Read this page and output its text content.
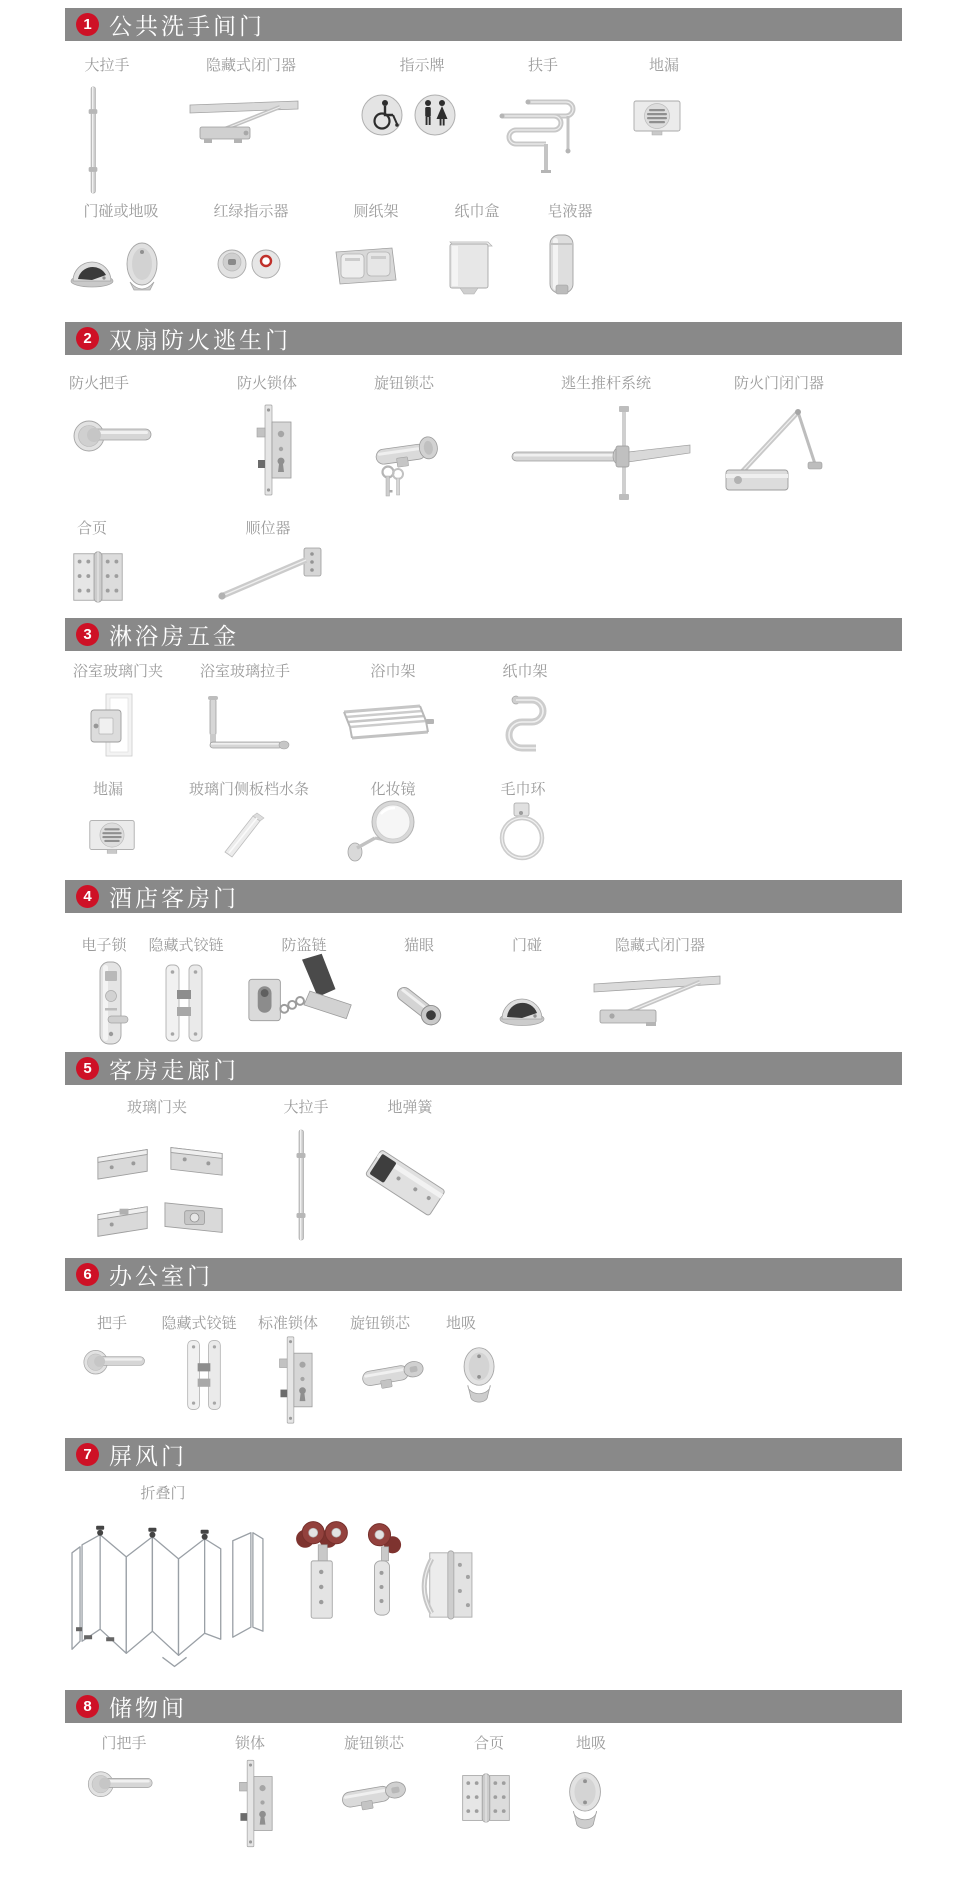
1 公共洗手间门
大拉手	隐藏式闭门器	指示牌	扶手	地漏
门碰或地吸	红绿指示器	厕纸架	纸巾盒	皂液器
2 双扇防火逃生门
防火把手	防火锁体	旋钮锁芯	逃生推杆系统	防火门闭门器
合页	顺位器
3 淋浴房五金
浴室玻璃门夹 浴室玻璃拉手	浴巾架	纸巾架
地漏	玻璃门侧板档水条	化妆镜	毛巾环
4 酒店客房门
电子锁 隐藏式铰链	防盗链	猫眼	门碰	隐藏式闭门器
5 客房走廊门
玻璃门夹	大拉手	地弹簧
6 办公室门
把手 隐藏式铰链 标准锁体 旋钮锁芯 地吸
7 屏风门
折叠门
8 储物间
门把手	锁体	旋钮锁芯	合页	地吸
